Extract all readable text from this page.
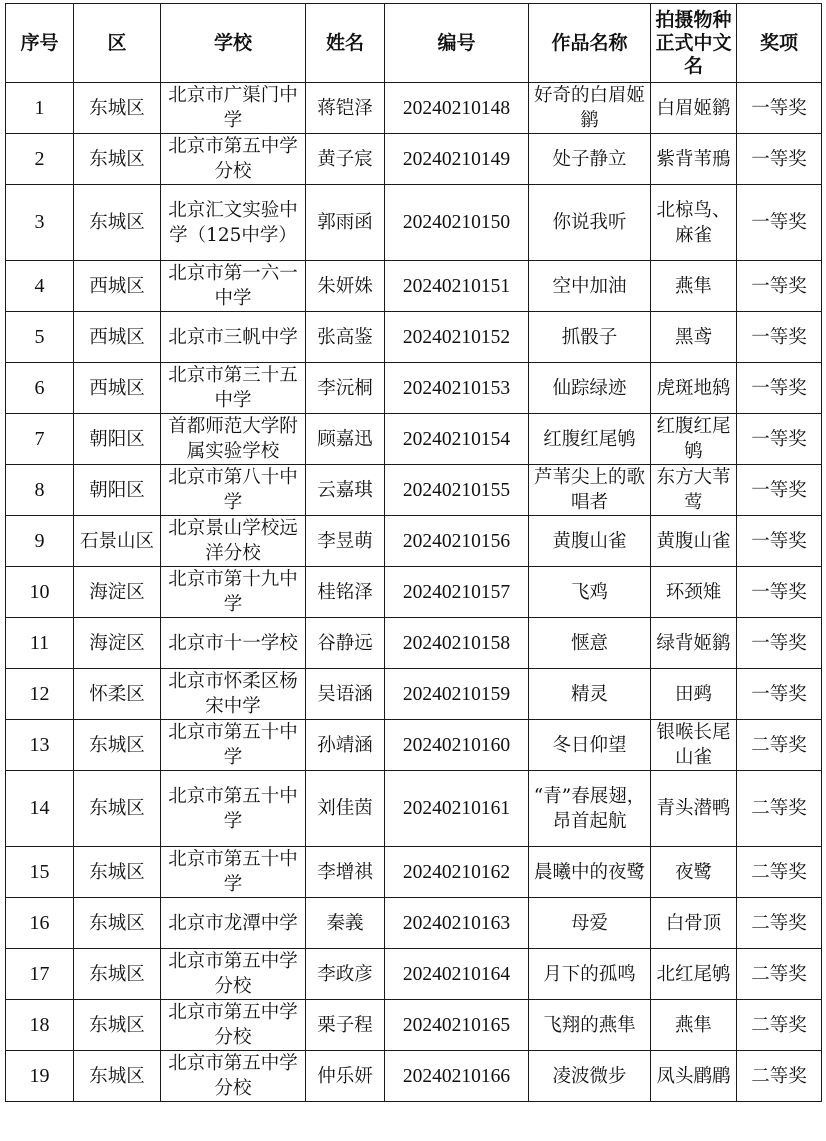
序号	区	学校	姓名	编号	作品名称	拍摄物种正式中文名	奖项
1	东城区	北京市广渠门中学	蒋铠泽	20240210148	好奇的白眉姬鹟	白眉姬鹟	一等奖
2	东城区	北京市第五中学分校	黄子宸	20240210149	处子静立	紫背苇鳽	一等奖
3	东城区	北京汇文实验中学（125中学）	郭雨函	20240210150	你说我听	北椋鸟、麻雀	一等奖
4	西城区	北京市第一六一中学	朱妍姝	20240210151	空中加油	燕隼	一等奖
5	西城区	北京市三帆中学	张高鉴	20240210152	抓骰子	黑鸢	一等奖
6	西城区	北京市第三十五中学	李沅桐	20240210153	仙踪绿迹	虎斑地鸫	一等奖
7	朝阳区	首都师范大学附属实验学校	顾嘉迅	20240210154	红腹红尾鸲	红腹红尾鸲	一等奖
8	朝阳区	北京市第八十中学	云嘉琪	20240210155	芦苇尖上的歌唱者	东方大苇莺	一等奖
9	石景山区	北京景山学校远洋分校	李昱萌	20240210156	黄腹山雀	黄腹山雀	一等奖
10	海淀区	北京市第十九中学	桂铭泽	20240210157	飞鸡	环颈雉	一等奖
11	海淀区	北京市十一学校	谷静远	20240210158	惬意	绿背姬鹟	一等奖
12	怀柔区	北京市怀柔区杨宋中学	吴语涵	20240210159	精灵	田鹀	一等奖
13	东城区	北京市第五十中学	孙靖涵	20240210160	冬日仰望	银喉长尾山雀	二等奖
14	东城区	北京市第五十中学	刘佳茵	20240210161	“青”春展翅，昂首起航	青头潜鸭	二等奖
15	东城区	北京市第五十中学	李增祺	20240210162	晨曦中的夜鹭	夜鹭	二等奖
16	东城区	北京市龙潭中学	秦義	20240210163	母爱	白骨顶	二等奖
17	东城区	北京市第五中学分校	李政彦	20240210164	月下的孤鸣	北红尾鸲	二等奖
18	东城区	北京市第五中学分校	栗子程	20240210165	飞翔的燕隼	燕隼	二等奖
19	东城区	北京市第五中学分校	仲乐妍	20240210166	凌波微步	凤头鹛鹛	二等奖
